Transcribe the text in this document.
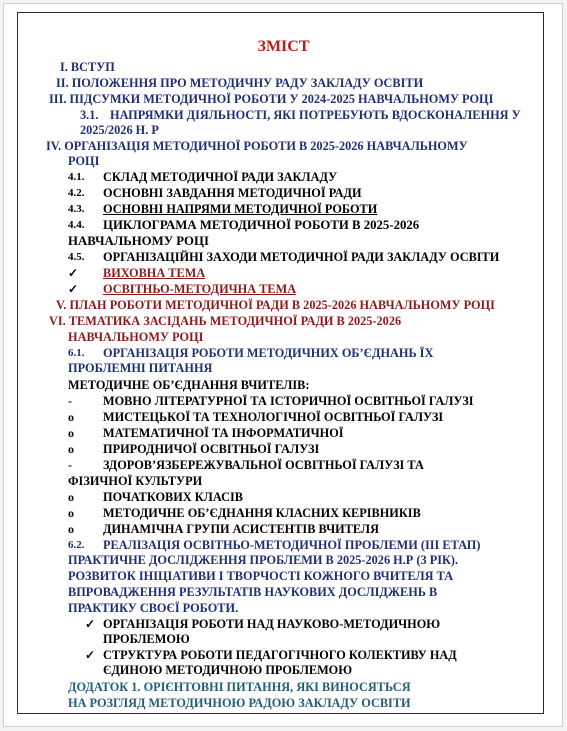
ЗМІСТ
І. ВСТУП
ІІ. ПОЛОЖЕННЯ ПРО МЕТОДИЧНУ РАДУ ЗАКЛАДУ ОСВІТИ
ІІІ. ПІДСУМКИ МЕТОДИЧНОЇ РОБОТИ У 2024-2025 НАВЧАЛЬНОМУ РОЦІ
3.1. НАПРЯМКИ ДІЯЛЬНОСТІ, ЯКІ ПОТРЕБУЮТЬ ВДОСКОНАЛЕННЯ У
2025/2026 Н. Р
IV. ОРГАНІЗАЦІЯ МЕТОДИЧНОЇ РОБОТИ В 2025-2026 НАВЧАЛЬНОМУ
РОЦІ
4.1. СКЛАД МЕТОДИЧНОЇ РАДИ ЗАКЛАДУ
4.2. ОСНОВНІ ЗАВДАННЯ МЕТОДИЧНОЇ РАДИ
4.3. ОСНОВНІ НАПРЯМИ МЕТОДИЧНОЇ РОБОТИ
4.4. ЦИКЛОГРАМА МЕТОДИЧНОЇ РОБОТИ В 2025-2026
НАВЧАЛЬНОМУ РОЦІ
4.5. ОРГАНІЗАЦІЙНІ ЗАХОДИ МЕТОДИЧНОЇ РАДИ ЗАКЛАДУ ОСВІТИ
✓ ВИХОВНА ТЕМА
✓ ОСВІТНЬО-МЕТОДИЧНА ТЕМА
V. ПЛАН РОБОТИ МЕТОДИЧНОЇ РАДИ В 2025-2026 НАВЧАЛЬНОМУ РОЦІ
VI. ТЕМАТИКА ЗАСІДАНЬ МЕТОДИЧНОЇ РАДИ В 2025-2026
НАВЧАЛЬНОМУ РОЦІ
6.1. ОРГАНІЗАЦІЯ РОБОТИ МЕТОДИЧНИХ ОБ’ЄДНАНЬ ЇХ
ПРОБЛЕМНІ ПИТАННЯ
МЕТОДИЧНЕ ОБ’ЄДНАННЯ ВЧИТЕЛІВ:
-	МОВНО ЛІТЕРАТУРНОЇ ТА ІСТОРИЧНОЇ ОСВІТНЬОЇ ГАЛУЗІ
o МИСТЕЦЬКОЇ ТА ТЕХНОЛОГІЧНОЇ ОСВІТНЬОЇ ГАЛУЗІ
o МАТЕМАТИЧНОЇ ТА ІНФОРМАТИЧНОЇ
o ПРИРОДНИЧОЇ ОСВІТНЬОЇ ГАЛУЗІ
-	ЗДОРОВ’ЯЗБЕРЕЖУВАЛЬНОЇ ОСВІТНЬОЇ ГАЛУЗІ ТА
ФІЗИЧНОЇ КУЛЬТУРИ
o ПОЧАТКОВИХ КЛАСІВ
o МЕТОДИЧНЕ ОБ’ЄДНАННЯ КЛАСНИХ КЕРІВНИКІВ
o ДИНАМІЧНА ГРУПИ АСИСТЕНТІВ ВЧИТЕЛЯ
6.2. РЕАЛІЗАЦІЯ ОСВІТНЬО-МЕТОДИЧНОЇ ПРОБЛЕМИ (ІІІ ЕТАП)
ПРАКТИЧНЕ ДОСЛІДЖЕННЯ ПРОБЛЕМИ В 2025-2026 Н.Р (3 РІК).
РОЗВИТОК ІНІЦІАТИВИ І ТВОРЧОСТІ КОЖНОГО ВЧИТЕЛЯ ТА
ВПРОВАДЖЕННЯ РЕЗУЛЬТАТІВ НАУКОВИХ ДОСЛІДЖЕНЬ В
ПРАКТИКУ СВОЄЇ РОБОТИ.
✓ ОРГАНІЗАЦІЯ РОБОТИ НАД НАУКОВО-МЕТОДИЧНОЮ
ПРОБЛЕМОЮ
✓ СТРУКТУРА РОБОТИ ПЕДАГОГІЧНОГО КОЛЕКТИВУ НАД
ЄДИНОЮ МЕТОДИЧНОЮ ПРОБЛЕМОЮ
ДОДАТОК 1. ОРІЄНТОВНІ ПИТАННЯ, ЯКІ ВИНОСЯТЬСЯ
НА РОЗГЛЯД МЕТОДИЧНОЮ РАДОЮ ЗАКЛАДУ ОСВІТИ
